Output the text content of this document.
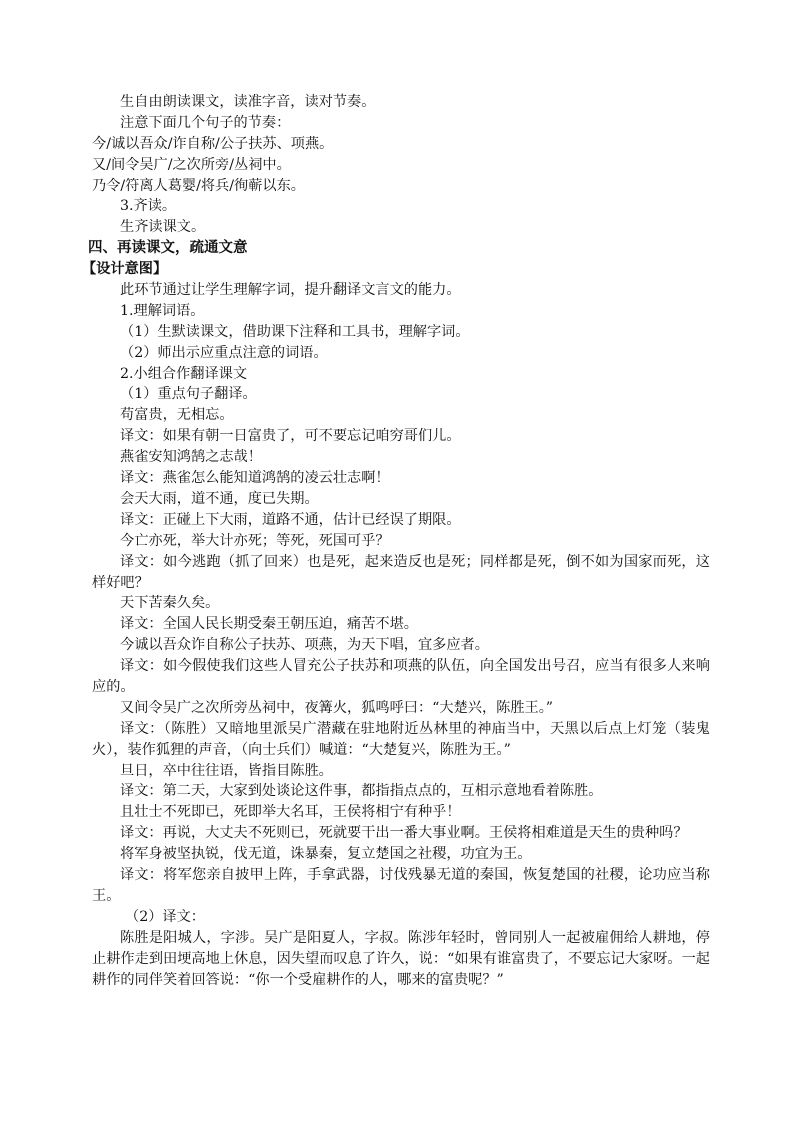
生自由朗读课文，读准字音，读对节奏。
注意下面几个句子的节奏：
今/诚以吾众/诈自称/公子扶苏、项燕。
又/间令吴广/之次所旁/丛祠中。
乃令/符离人葛婴/将兵/徇蕲以东。
3.齐读。
生齐读课文。
四、再读课文，疏通文意
【设计意图】
此环节通过让学生理解字词，提升翻译文言文的能力。
1.理解词语。
（1）生默读课文，借助课下注释和工具书，理解字词。
（2）师出示应重点注意的词语。
2.小组合作翻译课文
（1）重点句子翻译。
苟富贵，无相忘。
译文：如果有朝一日富贵了，可不要忘记咱穷哥们儿。
燕雀安知鸿鹄之志哉！
译文：燕雀怎么能知道鸿鹄的凌云壮志啊！
会天大雨，道不通，度已失期。
译文：正碰上下大雨，道路不通，估计已经误了期限。
今亡亦死，举大计亦死；等死，死国可乎？
译文：如今逃跑（抓了回来）也是死，起来造反也是死；同样都是死，倒不如为国家而死，这样好吧？
天下苦秦久矣。
译文：全国人民长期受秦王朝压迫，痛苦不堪。
今诚以吾众诈自称公子扶苏、项燕，为天下唱，宜多应者。
译文：如今假使我们这些人冒充公子扶苏和项燕的队伍，向全国发出号召，应当有很多人来响应的。
又间令吴广之次所旁丛祠中，夜篝火，狐鸣呼曰：“大楚兴，陈胜王。”
译文：（陈胜）又暗地里派吴广潜藏在驻地附近丛林里的神庙当中，天黑以后点上灯笼（装鬼火），装作狐狸的声音，（向士兵们）喊道：“大楚复兴，陈胜为王。”
旦日，卒中往往语，皆指目陈胜。
译文：第二天，大家到处谈论这件事，都指指点点的，互相示意地看着陈胜。
且壮士不死即已，死即举大名耳，王侯将相宁有种乎！
译文：再说，大丈夫不死则已，死就要干出一番大事业啊。王侯将相难道是天生的贵种吗？
将军身被坚执锐，伐无道，诛暴秦，复立楚国之社稷，功宜为王。
译文：将军您亲自披甲上阵，手拿武器，讨伐残暴无道的秦国，恢复楚国的社稷，论功应当称王。
（2）译文：
陈胜是阳城人，字涉。吴广是阳夏人，字叔。陈涉年轻时，曾同别人一起被雇佣给人耕地，停止耕作走到田埂高地上休息，因失望而叹息了许久，说：“如果有谁富贵了，不要忘记大家呀。一起耕作的同伴笑着回答说：“你一个受雇耕作的人，哪来的富贵呢？”
